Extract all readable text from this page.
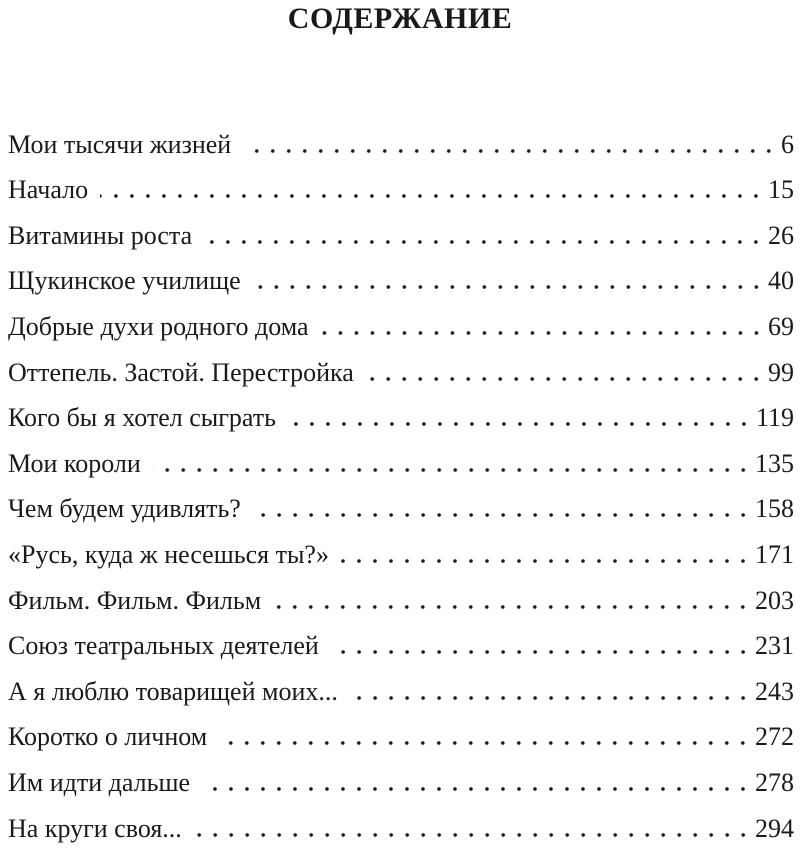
СОДЕРЖАНИЕ
Мои тысячи жизней	6
Начало	15
Витамины роста	26
Щукинское училище	40
Добрые духи родного дома	69
Оттепель. Застой. Перестройка	99
Кого бы я хотел сыграть	119
Мои короли	135
Чем будем удивлять?	158
«Русь, куда ж несешься ты?»	171
Фильм. Фильм. Фильм	203
Союз театральных деятелей	231
А я люблю товарищей моих...	243
Коротко о личном	272
Им идти дальше	278
На круги своя...	294
